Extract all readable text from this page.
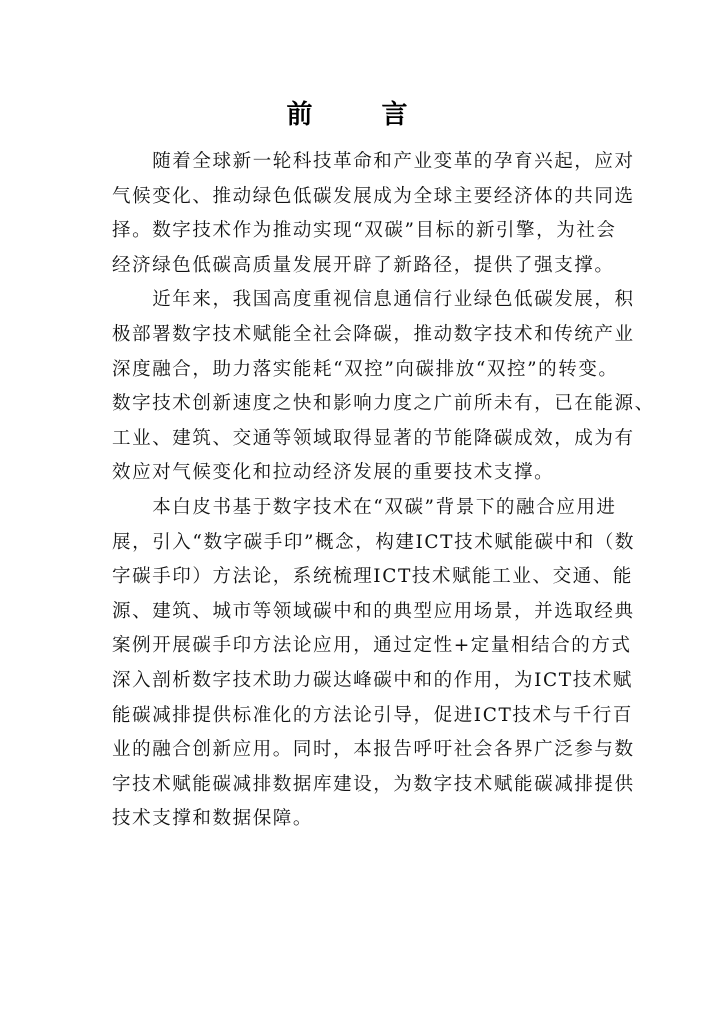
前 言
　　随着全球新一轮科技革命和产业变革的孕育兴起，应对
气候变化、推动绿色低碳发展成为全球主要经济体的共同选
择。数字技术作为推动实现“双碳”目标的新引擎，为社会
经济绿色低碳高质量发展开辟了新路径，提供了强支撑。
　　近年来，我国高度重视信息通信行业绿色低碳发展，积
极部署数字技术赋能全社会降碳，推动数字技术和传统产业
深度融合，助力落实能耗“双控”向碳排放“双控”的转变。
数字技术创新速度之快和影响力度之广前所未有，已在能源、
工业、建筑、交通等领域取得显著的节能降碳成效，成为有
效应对气候变化和拉动经济发展的重要技术支撑。
　　本白皮书基于数字技术在“双碳”背景下的融合应用进
展，引入“数字碳手印”概念，构建ICT技术赋能碳中和（数
字碳手印）方法论，系统梳理ICT技术赋能工业、交通、能
源、建筑、城市等领域碳中和的典型应用场景，并选取经典
案例开展碳手印方法论应用，通过定性+定量相结合的方式
深入剖析数字技术助力碳达峰碳中和的作用，为ICT技术赋
能碳减排提供标准化的方法论引导，促进ICT技术与千行百
业的融合创新应用。同时，本报告呼吁社会各界广泛参与数
字技术赋能碳减排数据库建设，为数字技术赋能碳减排提供
技术支撑和数据保障。
